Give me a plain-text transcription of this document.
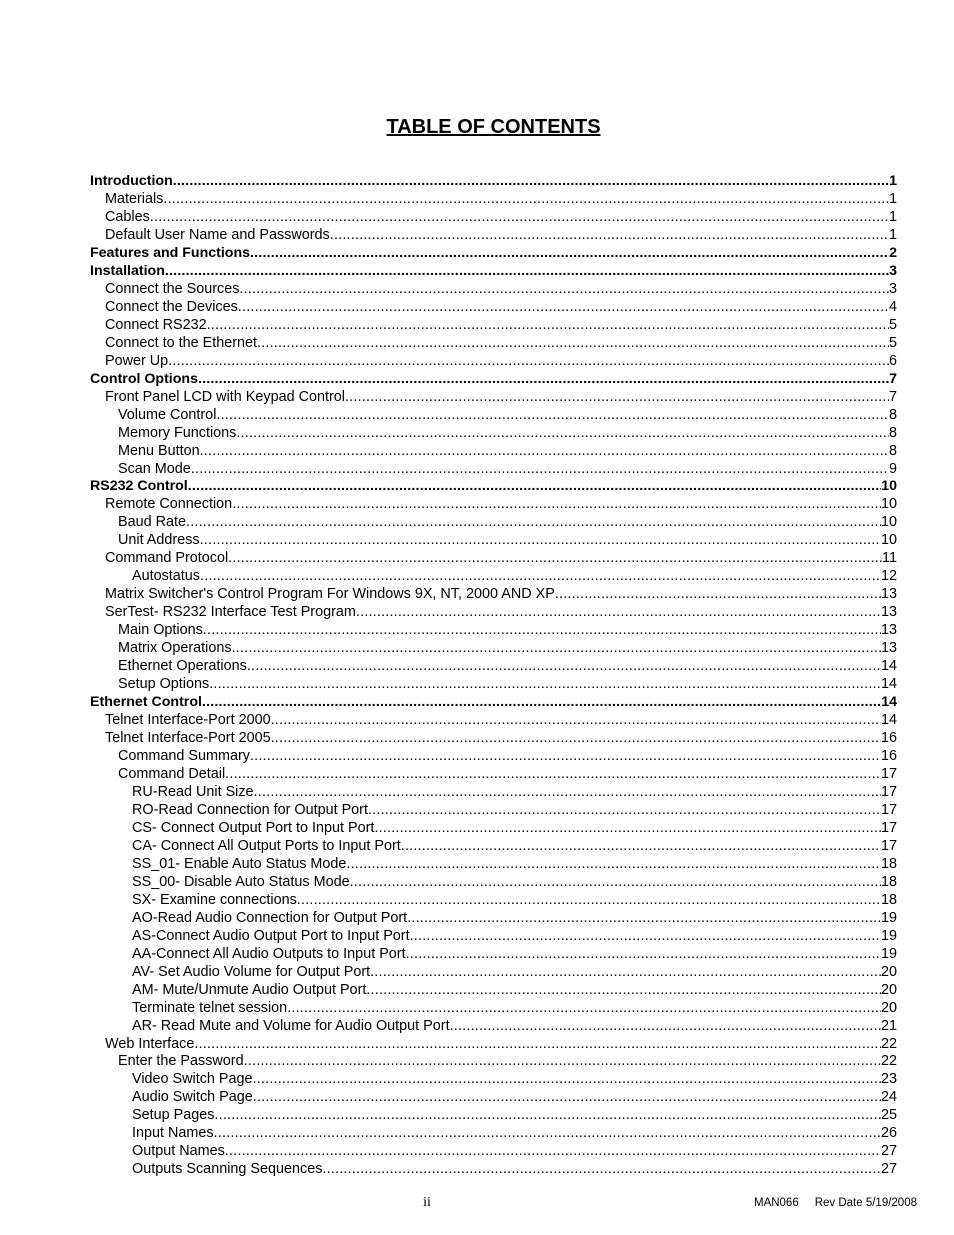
TABLE OF CONTENTS
Introduction .....	1
Materials .....	1
Cables .....	1
Default User Name and Passwords .....	1
Features and Functions .....	2
Installation .....	3
Connect the Sources .....	3
Connect the Devices .....	4
Connect RS232 .....	5
Connect to the Ethernet .....	5
Power Up .....	6
Control Options .....	7
Front Panel LCD with Keypad Control .....	7
Volume Control .....	8
Memory Functions .....	8
Menu Button .....	8
Scan Mode .....	9
RS232 Control .....	10
Remote Connection .....	10
Baud Rate .....	10
Unit Address .....	10
Command Protocol .....	11
Autostatus .....	12
Matrix Switcher's Control Program For Windows 9X, NT, 2000 AND XP .....	13
SerTest- RS232 Interface Test Program .....	13
Main Options .....	13
Matrix Operations .....	13
Ethernet Operations .....	14
Setup Options .....	14
Ethernet Control .....	14
Telnet Interface-Port 2000 .....	14
Telnet Interface-Port 2005 .....	16
Command Summary .....	16
Command Detail .....	17
RU-Read Unit Size .....	17
RO-Read Connection for Output Port .....	17
CS- Connect Output Port to Input Port .....	17
CA- Connect All Output Ports to Input Port .....	17
SS_01- Enable Auto Status Mode .....	18
SS_00- Disable Auto Status Mode .....	18
SX- Examine connections .....	18
AO-Read Audio Connection for Output Port .....	19
AS-Connect Audio Output Port to Input Port .....	19
AA-Connect All Audio Outputs to Input Port .....	19
AV- Set Audio Volume for Output Port .....	20
AM- Mute/Unmute Audio Output Port .....	20
Terminate telnet session .....	20
AR- Read Mute and Volume for Audio Output Port .....	21
Web Interface .....	22
Enter the Password .....	22
Video Switch Page .....	23
Audio Switch Page .....	24
Setup Pages .....	25
Input Names .....	26
Output Names .....	27
Outputs Scanning Sequences .....	27
ii	MAN066     Rev Date 5/19/2008
